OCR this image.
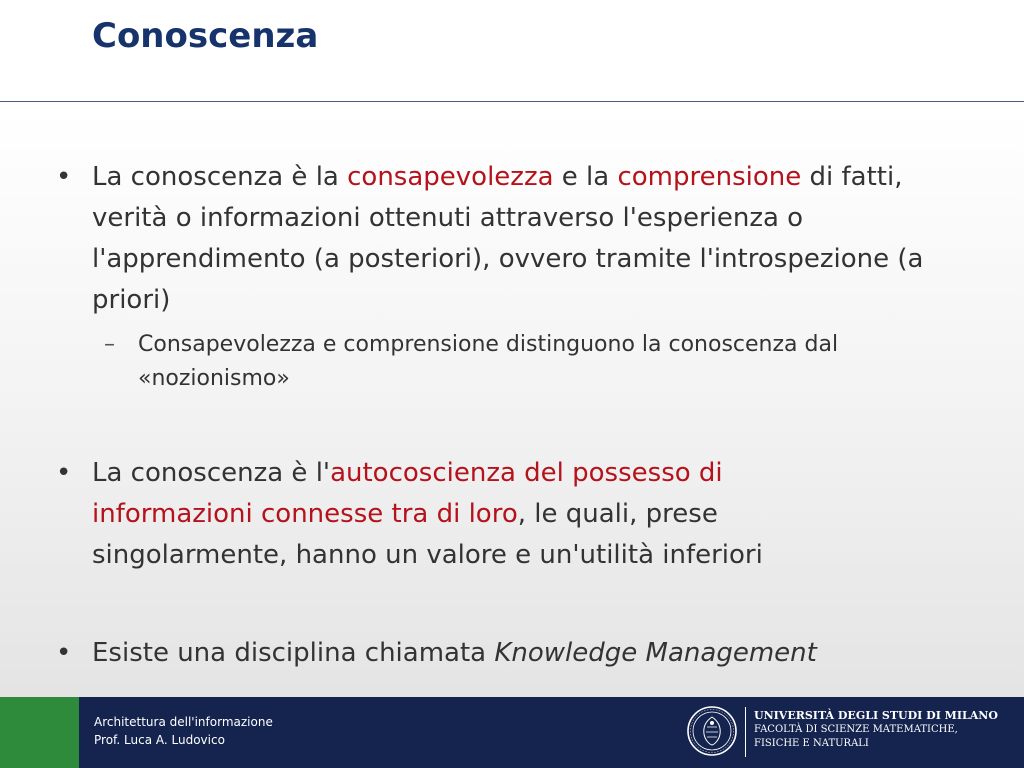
Conoscenza
• La conoscenza è la consapevolezza e la comprensione di fatti, verità o informazioni ottenuti attraverso l'esperienza o l'apprendimento (a posteriori), ovvero tramite l'introspezione (a priori)
–	Consapevolezza e comprensione distinguono la conoscenza dal «nozionismo»
• La conoscenza è l'autocoscienza del possesso di informazioni connesse tra di loro, le quali, prese singolarmente, hanno un valore e un'utilità inferiori
• Esiste una disciplina chiamata Knowledge Management
Architettura dell'informazione
Prof. Luca A. Ludovico
UNIVERSITÀ DEGLI STUDI DI MILANO
FACOLTÀ DI SCIENZE MATEMATICHE,
FISICHE E NATURALI
